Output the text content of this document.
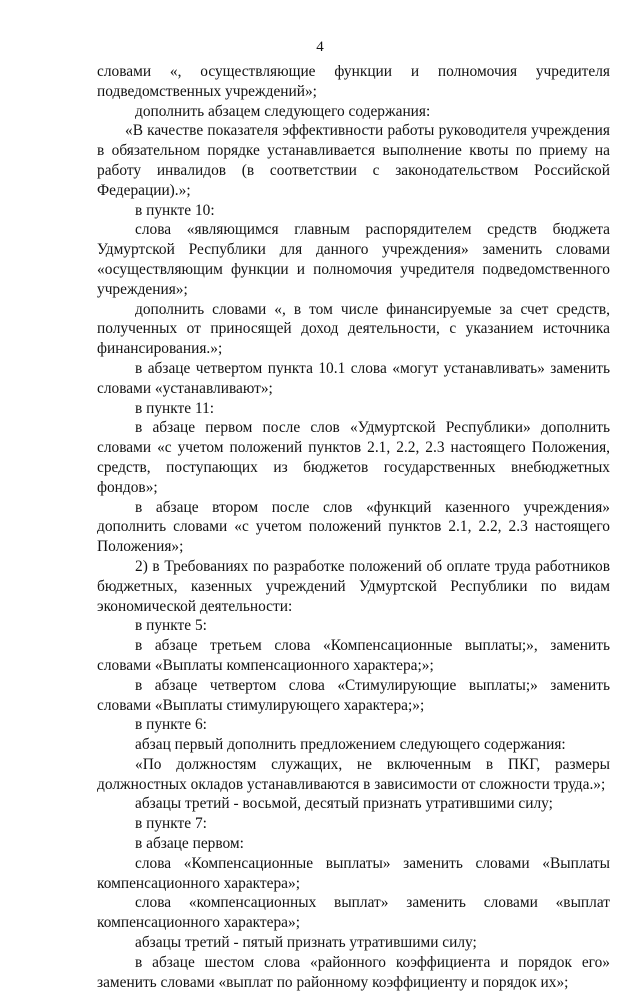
4

словами «, осуществляющие функции и полномочия учредителя подведомственных учреждений»;

дополнить абзацем следующего содержания:

«В качестве показателя эффективности работы руководителя учреждения в обязательном порядке устанавливается выполнение квоты по приему на работу инвалидов (в соответствии с законодательством Российской Федерации).»;

в пункте 10:

слова «являющимся главным распорядителем средств бюджета Удмуртской Республики для данного учреждения» заменить словами «осуществляющим функции и полномочия учредителя подведомственного учреждения»;

дополнить словами «, в том числе финансируемые за счет средств, полученных от приносящей доход деятельности, с указанием источника финансирования.»;

в абзаце четвертом пункта 10.1 слова «могут устанавливать» заменить словами «устанавливают»;

в пункте 11:

в абзаце первом после слов «Удмуртской Республики» дополнить словами «с учетом положений пунктов 2.1, 2.2, 2.3 настоящего Положения, средств, поступающих из бюджетов государственных внебюджетных фондов»;

в абзаце втором после слов «функций казенного учреждения» дополнить словами «с учетом положений пунктов 2.1, 2.2, 2.3 настоящего Положения»;

2) в Требованиях по разработке положений об оплате труда работников бюджетных, казенных учреждений Удмуртской Республики по видам экономической деятельности:

в пункте 5:

в абзаце третьем слова «Компенсационные выплаты;», заменить словами «Выплаты компенсационного характера;»;

в абзаце четвертом слова «Стимулирующие выплаты;» заменить словами «Выплаты стимулирующего характера;»;

в пункте 6:

абзац первый дополнить предложением следующего содержания:

«По должностям служащих, не включенным в ПКГ, размеры должностных окладов устанавливаются в зависимости от сложности труда.»;

абзацы третий - восьмой, десятый признать утратившими силу;

в пункте 7:

в абзаце первом:

слова «Компенсационные выплаты» заменить словами «Выплаты компенсационного характера»;

слова «компенсационных выплат» заменить словами «выплат компенсационного характера»;

абзацы третий - пятый признать утратившими силу;

в абзаце шестом слова «районного коэффициента и порядок его» заменить словами «выплат по районному коэффициенту и порядок их»;
